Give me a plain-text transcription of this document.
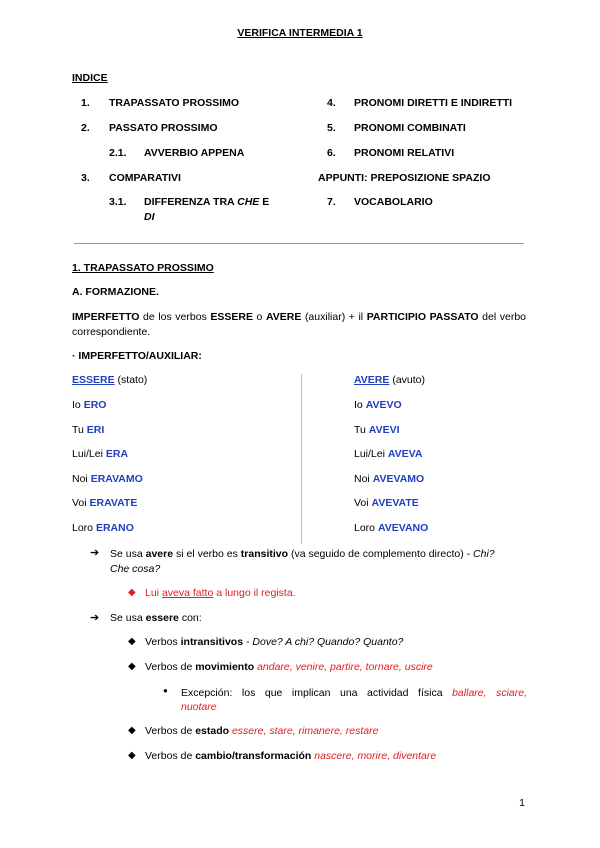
VERIFICA INTERMEDIA 1
INDICE
1. TRAPASSATO PROSSIMO
2. PASSATO PROSSIMO
2.1. AVVERBIO APPENA
3. COMPARATIVI
3.1. DIFFERENZA TRA CHE E
DI
4. PRONOMI DIRETTI E INDIRETTI
5. PRONOMI COMBINATI
6. PRONOMI RELATIVI
APPUNTI: PREPOSIZIONE SPAZIO
7. VOCABOLARIO
1. TRAPASSATO PROSSIMO
A. FORMAZIONE.
IMPERFETTO de los verbos ESSERE o AVERE (auxiliar) + il PARTICIPIO PASSATO del verbo correspondiente.
· IMPERFETTO/AUXILIAR:
ESSERE (stato)
Io ERO
Tu ERI
Lui/Lei ERA
Noi ERAVAMO
Voi ERAVATE
Loro ERANO
AVERE (avuto)
Io AVEVO
Tu AVEVI
Lui/Lei AVEVA
Noi AVEVAMO
Voi AVEVATE
Loro AVEVANO
➔ Se usa avere si el verbo es transitivo (va seguido de complemento directo) - Chi?
Che cosa?
◆ Lui aveva fatto a lungo il regista.
➔ Se usa essere con:
◆ Verbos intransitivos - Dove? A chi? Quando? Quanto?
◆ Verbos de movimiento andare, venire, partire, tornare, uscire
● Excepción: los que implican una actividad física ballare, sciare,
nuotare
◆ Verbos de estado essere, stare, rimanere, restare
◆ Verbos de cambio/transformación nascere, morire, diventare
1
